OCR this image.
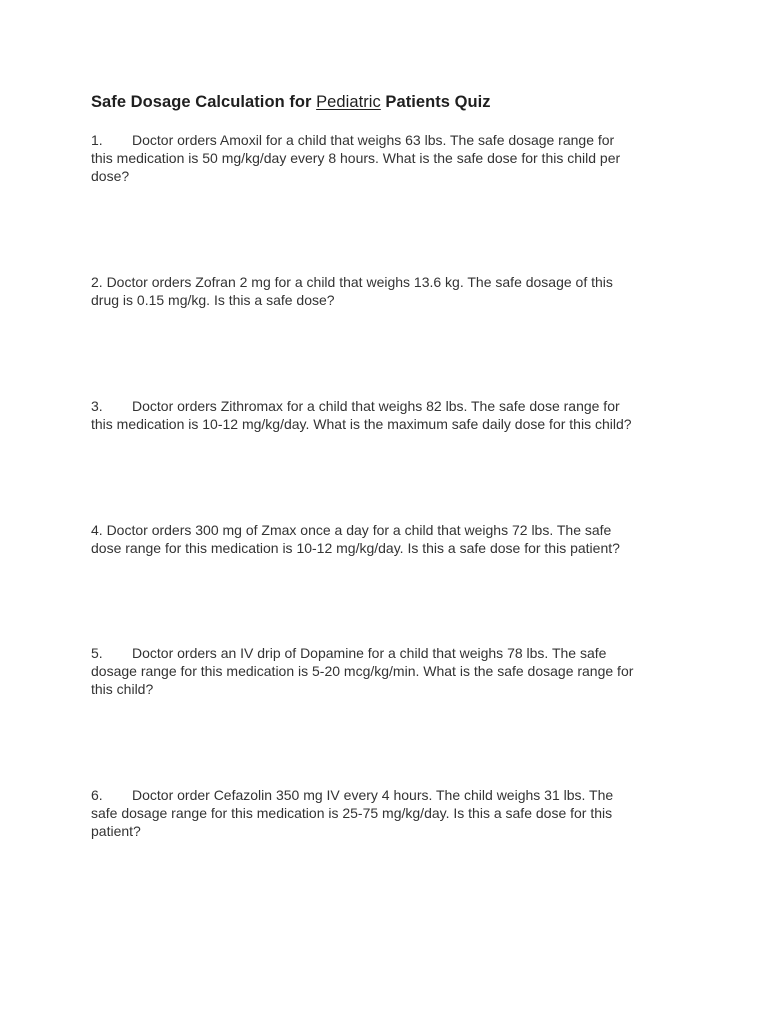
Safe Dosage Calculation for Pediatric Patients Quiz
1. Doctor orders Amoxil for a child that weighs 63 lbs. The safe dosage range for
this medication is 50 mg/kg/day every 8 hours. What is the safe dose for this child per
dose?
2. Doctor orders Zofran 2 mg for a child that weighs 13.6 kg. The safe dosage of this
drug is 0.15 mg/kg. Is this a safe dose?
3. Doctor orders Zithromax for a child that weighs 82 lbs. The safe dose range for
this medication is 10-12 mg/kg/day. What is the maximum safe daily dose for this child?
4. Doctor orders 300 mg of Zmax once a day for a child that weighs 72 lbs. The safe
dose range for this medication is 10-12 mg/kg/day. Is this a safe dose for this patient?
5. Doctor orders an IV drip of Dopamine for a child that weighs 78 lbs. The safe
dosage range for this medication is 5-20 mcg/kg/min. What is the safe dosage range for
this child?
6. Doctor order Cefazolin 350 mg IV every 4 hours. The child weighs 31 lbs. The
safe dosage range for this medication is 25-75 mg/kg/day. Is this a safe dose for this
patient?
